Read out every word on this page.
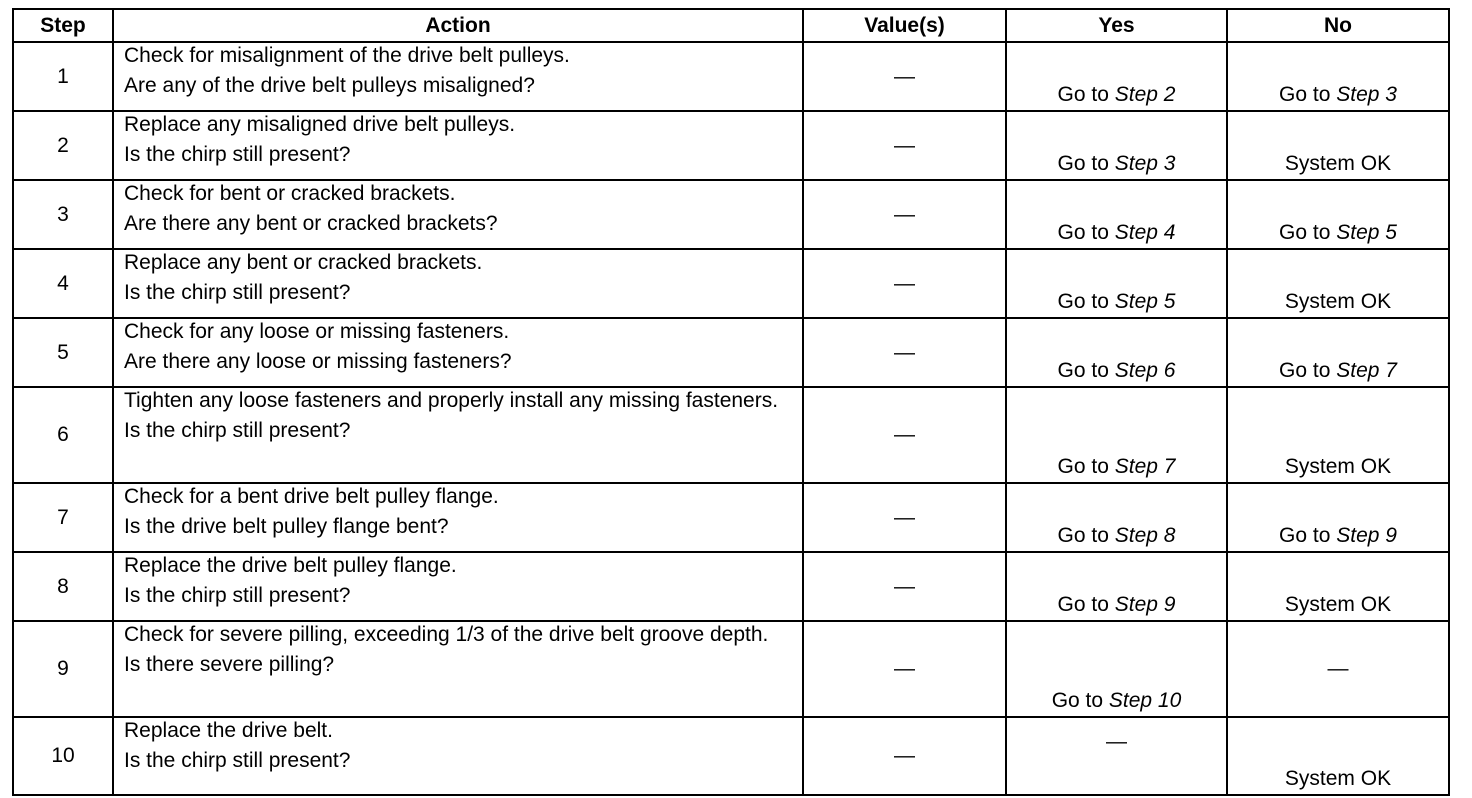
Step	Action	Value(s)	Yes	No
1	Check for misalignment of the drive belt pulleys.
Are any of the drive belt pulleys misaligned?	—	Go to Step 2	Go to Step 3
2	Replace any misaligned drive belt pulleys.
Is the chirp still present?	—	Go to Step 3	System OK
3	Check for bent or cracked brackets.
Are there any bent or cracked brackets?	—	Go to Step 4	Go to Step 5
4	Replace any bent or cracked brackets.
Is the chirp still present?	—	Go to Step 5	System OK
5	Check for any loose or missing fasteners.
Are there any loose or missing fasteners?	—	Go to Step 6	Go to Step 7
6	Tighten any loose fasteners and properly install any missing fasteners.
Is the chirp still present?	—	Go to Step 7	System OK
7	Check for a bent drive belt pulley flange.
Is the drive belt pulley flange bent?	—	Go to Step 8	Go to Step 9
8	Replace the drive belt pulley flange.
Is the chirp still present?	—	Go to Step 9	System OK
9	Check for severe pilling, exceeding 1/3 of the drive belt groove depth.
Is there severe pilling?	—	Go to Step 10	—
10	Replace the drive belt.
Is the chirp still present?	—	—	System OK
